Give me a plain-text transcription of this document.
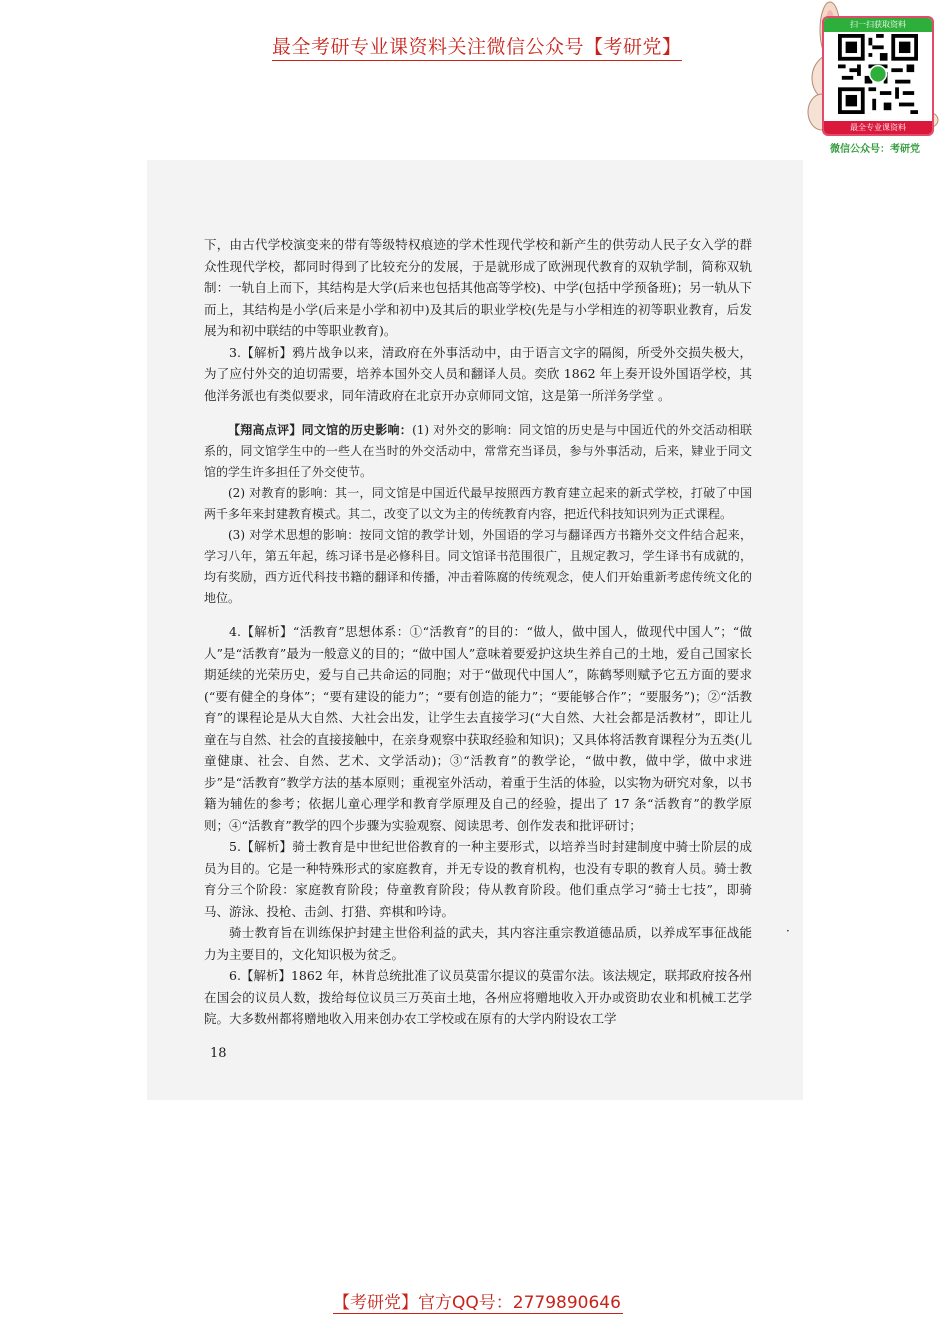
最全考研专业课资料关注微信公众号【考研党】
扫一扫获取资料
最全专业课资料
微信公众号：考研党

下，由古代学校演变来的带有等级特权痕迹的学术性现代学校和新产生的供劳动人民子女入学的群众性现代学校，都同时得到了比较充分的发展，于是就形成了欧洲现代教育的双轨学制，简称双轨制：一轨自上而下，其结构是大学(后来也包括其他高等学校)、中学(包括中学预备班)；另一轨从下而上，其结构是小学(后来是小学和初中)及其后的职业学校(先是与小学相连的初等职业教育，后发展为和初中联结的中等职业教育)。

3.【解析】鸦片战争以来，清政府在外事活动中，由于语言文字的隔阂，所受外交损失极大，为了应付外交的迫切需要，培养本国外交人员和翻译人员。奕欣 1862 年上奏开设外国语学校，其他洋务派也有类似要求，同年清政府在北京开办京师同文馆，这是第一所洋务学堂 。

【翔高点评】同文馆的历史影响：(1) 对外交的影响：同文馆的历史是与中国近代的外交活动相联系的，同文馆学生中的一些人在当时的外交活动中，常常充当译员，参与外事活动，后来，肄业于同文馆的学生许多担任了外交使节。

(2) 对教育的影响：其一，同文馆是中国近代最早按照西方教育建立起来的新式学校，打破了中国两千多年来封建教育模式。其二，改变了以文为主的传统教育内容，把近代科技知识列为正式课程。

(3) 对学术思想的影响：按同文馆的教学计划，外国语的学习与翻译西方书籍外交文件结合起来，学习八年，第五年起，练习译书是必修科目。同文馆译书范围很广，且规定教习，学生译书有成就的，均有奖励，西方近代科技书籍的翻译和传播，冲击着陈腐的传统观念，使人们开始重新考虑传统文化的地位。

4.【解析】“活教育”思想体系：①“活教育”的目的：“做人，做中国人，做现代中国人”；“做人”是“活教育”最为一般意义的目的；“做中国人”意味着要爱护这块生养自己的土地，爱自己国家长期延续的光荣历史，爱与自己共命运的同胞；对于“做现代中国人”，陈鹤琴则赋予它五方面的要求(“要有健全的身体”；“要有建设的能力”；“要有创造的能力”；“要能够合作”；“要服务”)；②“活教育”的课程论是从大自然、大社会出发，让学生去直接学习(“大自然、大社会都是活教材”，即让儿童在与自然、社会的直接接触中，在亲身观察中获取经验和知识)；又具体将活教育课程分为五类(儿童健康、社会、自然、艺术、文学活动)；③“活教育”的教学论，“做中教，做中学，做中求进步”是“活教育”教学方法的基本原则；重视室外活动，着重于生活的体验，以实物为研究对象，以书籍为辅佐的参考；依据儿童心理学和教育学原理及自己的经验，提出了 17 条“活教育”的教学原则；④“活教育”教学的四个步骤为实验观察、阅读思考、创作发表和批评研讨；

5.【解析】骑士教育是中世纪世俗教育的一种主要形式，以培养当时封建制度中骑士阶层的成员为目的。它是一种特殊形式的家庭教育，并无专设的教育机构，也没有专职的教育人员。骑士教育分三个阶段：家庭教育阶段；侍童教育阶段；侍从教育阶段。他们重点学习“骑士七技”，即骑马、游泳、投枪、击剑、打猎、弈棋和吟诗。

骑士教育旨在训练保护封建主世俗利益的武夫，其内容注重宗教道德品质，以养成军事征战能力为主要目的，文化知识极为贫乏。

6.【解析】1862 年，林肯总统批准了议员莫雷尔提议的莫雷尔法。该法规定，联邦政府按各州在国会的议员人数，拨给每位议员三万英亩土地，各州应将赠地收入开办或资助农业和机械工艺学院。大多数州都将赠地收入用来创办农工学校或在原有的大学内附设农工学

·
18
【考研党】官方QQ号：2779890646
